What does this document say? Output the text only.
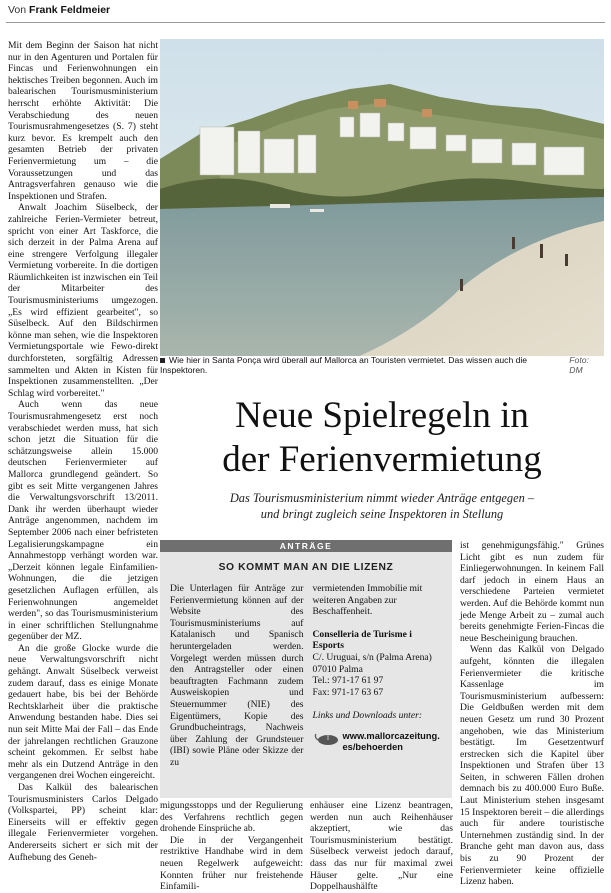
Von Frank Feldmeier

Mit dem Beginn der Saison hat nicht nur in den Agenturen und Portalen für Fincas und Ferienwohnungen ein hektisches Treiben begonnen. Auch im balearischen Tourismusministerium herrscht erhöhte Aktivität: Die Verabschiedung des neuen Tourismusrahmengesetzes (S. 7) steht kurz bevor. Es krempelt auch den gesamten Betrieb der privaten Ferienvermietung um – die Voraussetzungen und das Antragsverfahren genauso wie die Inspektionen und Strafen.

Anwalt Joachim Süselbeck, der zahlreiche Ferien-Vermieter betreut, spricht von einer Art Taskforce, die sich derzeit in der Palma Arena auf eine strengere Verfolgung illegaler Vermietung vorbereite. In die dortigen Räumlichkeiten ist inzwischen ein Teil der Mitarbeiter des Tourismusministeriums umgezogen. „Es wird effizient gearbeitet", so Süselbeck. Auf den Bildschirmen könne man sehen, wie die Inspektoren Vermietungsportale wie Fewo-direkt durchforsteten, sorgfältig Adressen sammelten und Akten in Kisten für Inspektionen zusammenstellten. „Der Schlag wird vorbereitet."

Auch wenn das neue Tourismusrahmengesetz erst noch verabschiedet werden muss, hat sich schon jetzt die Situation für die schätzungsweise allein 15.000 deutschen Ferienvermieter auf Mallorca grundlegend geändert. So gibt es seit Mitte vergangenen Jahres die Verwaltungsvorschrift 13/2011. Dank ihr werden überhaupt wieder Anträge angenommen, nachdem im September 2006 nach einer befristeten Legalisierungskampagne ein Annahmestopp verhängt worden war. „Derzeit können legale Einfamilien-Wohnungen, die die jetzigen gesetzlichen Auflagen erfüllen, als Ferienwohnungen angemeldet werden", so das Tourismusministerium in einer schriftlichen Stellungnahme gegenüber der MZ.

An die große Glocke wurde die neue Verwaltungsvorschrift nicht gehängt. Anwalt Süselbeck verweist zudem darauf, dass es einige Monate gedauert habe, bis bei der Behörde Rechtsklarheit über die praktische Anwendung bestanden habe. Dies sei nun seit Mitte Mai der Fall – das Ende der jahrelangen rechtlichen Grauzone scheint gekommen. Er selbst habe mehr als ein Dutzend Anträge in den vergangenen drei Wochen eingereicht.

Das Kalkül des balearischen Tourismusministers Carlos Delgado (Volkspartei, PP) scheint klar: Einerseits will er effektiv gegen illegale Ferienvermieter vorgehen. Andererseits sichert er sich mit der Aufhebung des Geneh-

Wie hier in Santa Ponça wird überall auf Mallorca an Touristen vermietet. Das wissen auch die Inspektoren.
Foto: DM
Neue Spielregeln in
der Ferienvermietung
Das Tourismusministerium nimmt wieder Anträge entgegen –
und bringt zugleich seine Inspektoren in Stellung
ANTRÄGE
SO KOMMT MAN AN DIE LIZENZ
Die Unterlagen für Anträge zur Ferienvermietung können auf der Website des Tourismusministeriums auf Katalanisch und Spanisch heruntergeladen werden. Vorgelegt werden müssen durch den Antragsteller oder einen beauftragten Fachmann zudem Ausweiskopien und Steuernummer (NIE) des Eigentümers, Kopie des Grundbucheintrags, Nachweis über Zahlung der Grundsteuer (IBI) sowie Pläne oder Skizze der zu
vermietenden Immobilie mit weiteren Angaben zur Beschaffenheit.
Conselleria de Turisme i Esports
C/. Uruguai, s/n (Palma Arena)
07010 Palma
Tel.: 971-17 61 97
Fax: 971-17 63 67
Links und Downloads unter:
www.mallorcazeitung.
es/behoerden

migungsstopps und der Regulierung des Verfahrens rechtlich gegen drohende Einsprüche ab.

Die in der Vergangenheit restriktive Handhabe wird in dem neuen Regelwerk aufgeweicht: Konnten früher nur freistehende Einfamili-

enhäuser eine Lizenz beantragen, werden nun auch Reihenhäuser akzeptiert, wie das Tourismusministerium bestätigt. Süselbeck verweist jedoch darauf, dass das nur für maximal zwei Häuser gelte. „Nur eine Doppelhaushälfte

ist genehmigungsfähig." Grünes Licht gibt es nun zudem für Einliegerwohnungen. In keinem Fall darf jedoch in einem Haus an verschiedene Parteien vermietet werden. Auf die Behörde kommt nun jede Menge Arbeit zu – zumal auch bereits genehmigte Ferien-Fincas die neue Bescheinigung brauchen.

Wenn das Kalkül von Delgado aufgeht, könnten die illegalen Ferienvermieter die kritische Kassenlage im Tourismusministerium aufbessern: Die Geldbußen werden mit dem neuen Gesetz um rund 30 Prozent angehoben, wie das Ministerium bestätigt. Im Gesetzentwurf erstrecken sich die Kapitel über Inspektionen und Strafen über 13 Seiten, in schweren Fällen drohen demnach bis zu 400.000 Euro Buße. Laut Ministerium stehen insgesamt 15 Inspektoren bereit – die allerdings auch für andere touristische Unternehmen zuständig sind. In der Branche geht man davon aus, dass bis zu 90 Prozent der Ferienvermieter keine offizielle Lizenz haben.
